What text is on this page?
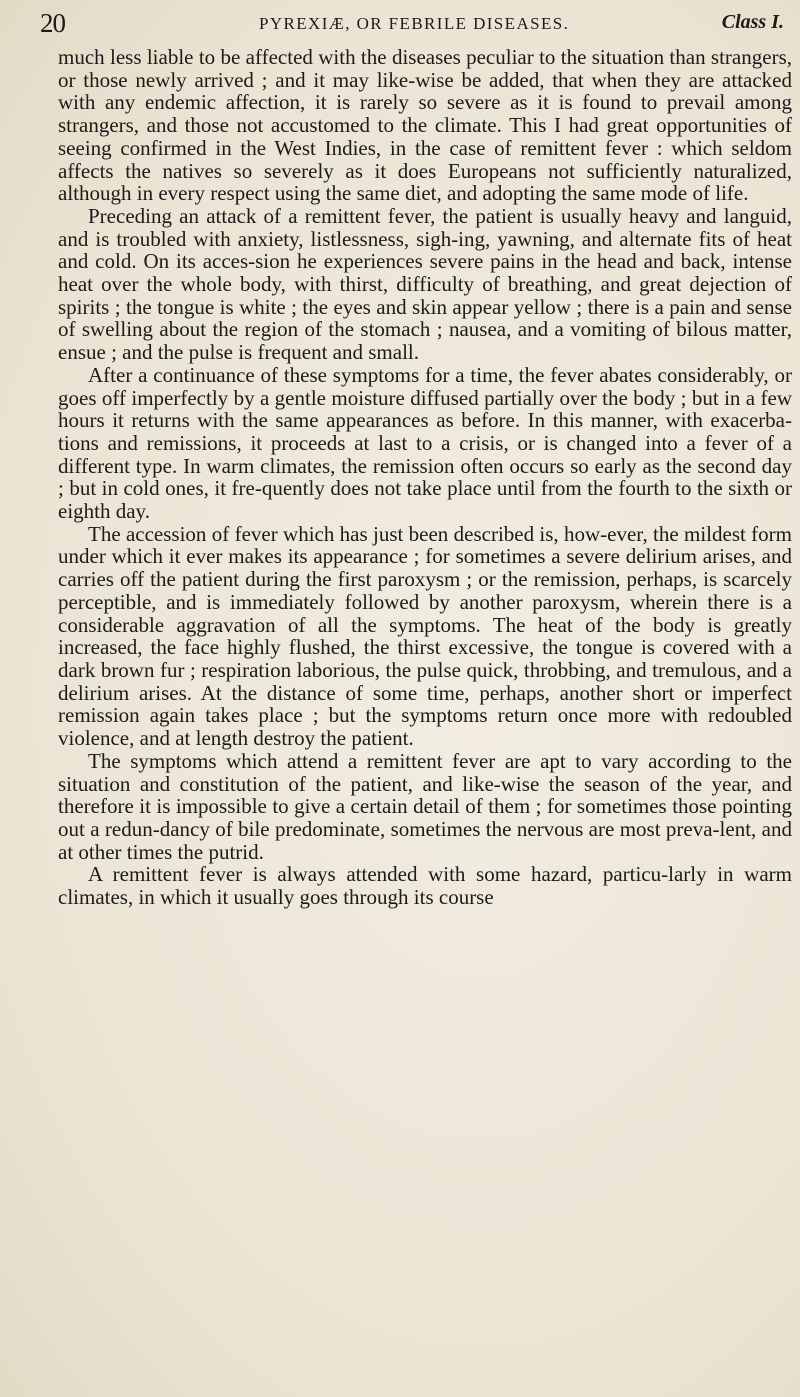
20	PYREXIÆ, OR FEBRILE DISEASES.	Class I.

much less liable to be affected with the diseases peculiar to the situation than strangers, or those newly arrived ; and it may like-wise be added, that when they are attacked with any endemic affection, it is rarely so severe as it is found to prevail among strangers, and those not accustomed to the climate. This I had great opportunities of seeing confirmed in the West Indies, in the case of remittent fever : which seldom affects the natives so severely as it does Europeans not sufficiently naturalized, although in every respect using the same diet, and adopting the same mode of life.

Preceding an attack of a remittent fever, the patient is usually heavy and languid, and is troubled with anxiety, listlessness, sigh-ing, yawning, and alternate fits of heat and cold. On its acces-sion he experiences severe pains in the head and back, intense heat over the whole body, with thirst, difficulty of breathing, and great dejection of spirits ; the tongue is white ; the eyes and skin appear yellow ; there is a pain and sense of swelling about the region of the stomach ; nausea, and a vomiting of bilous matter, ensue ; and the pulse is frequent and small.

After a continuance of these symptoms for a time, the fever abates considerably, or goes off imperfectly by a gentle moisture diffused partially over the body ; but in a few hours it returns with the same appearances as before. In this manner, with exacerba-tions and remissions, it proceeds at last to a crisis, or is changed into a fever of a different type. In warm climates, the remission often occurs so early as the second day ; but in cold ones, it fre-quently does not take place until from the fourth to the sixth or eighth day.

The accession of fever which has just been described is, how-ever, the mildest form under which it ever makes its appearance ; for sometimes a severe delirium arises, and carries off the patient during the first paroxysm ; or the remission, perhaps, is scarcely perceptible, and is immediately followed by another paroxysm, wherein there is a considerable aggravation of all the symptoms. The heat of the body is greatly increased, the face highly flushed, the thirst excessive, the tongue is covered with a dark brown fur ; respiration laborious, the pulse quick, throbbing, and tremulous, and a delirium arises. At the distance of some time, perhaps, another short or imperfect remission again takes place ; but the symptoms return once more with redoubled violence, and at length destroy the patient.

The symptoms which attend a remittent fever are apt to vary according to the situation and constitution of the patient, and like-wise the season of the year, and therefore it is impossible to give a certain detail of them ; for sometimes those pointing out a redun-dancy of bile predominate, sometimes the nervous are most preva-lent, and at other times the putrid.

A remittent fever is always attended with some hazard, particu-larly in warm climates, in which it usually goes through its course
